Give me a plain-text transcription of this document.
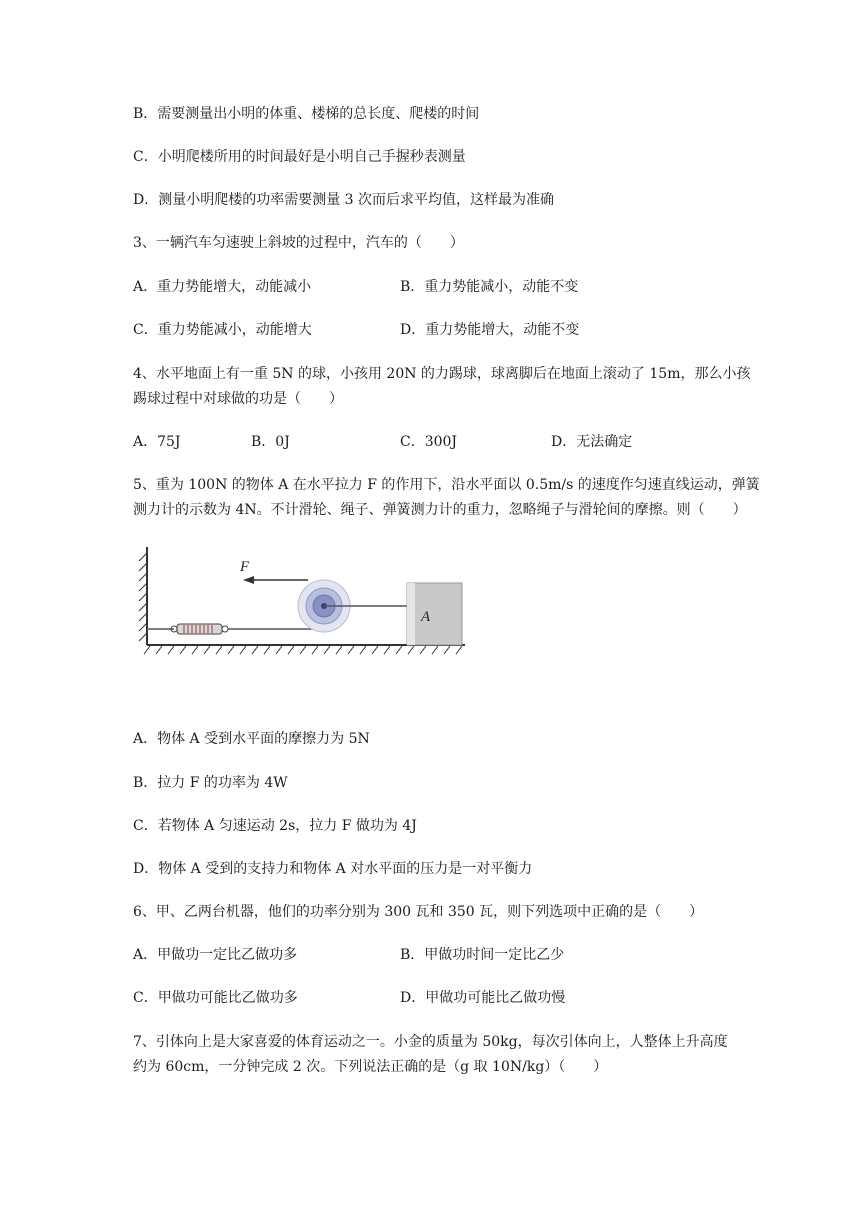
B．需要测量出小明的体重、楼梯的总长度、爬楼的时间
C．小明爬楼所用的时间最好是小明自己手握秒表测量
D．测量小明爬楼的功率需要测量 3 次而后求平均值，这样最为准确
3、一辆汽车匀速驶上斜坡的过程中，汽车的（　　）
A．重力势能增大，动能减小	B．重力势能减小，动能不变
C．重力势能减小，动能增大	D．重力势能增大，动能不变
4、水平地面上有一重 5N 的球，小孩用 20N 的力踢球，球离脚后在地面上滚动了 15m，那么小孩
踢球过程中对球做的功是（　　）
A．75J	B．0J	C．300J	D．无法确定
5、重为 100N 的物体 A 在水平拉力 F 的作用下，沿水平面以 0.5m/s 的速度作匀速直线运动，弹簧
测力计的示数为 4N。不计滑轮、绳子、弹簧测力计的重力，忽略绳子与滑轮间的摩擦。则（　　）
F
A
A．物体 A 受到水平面的摩擦力为 5N
B．拉力 F 的功率为 4W
C．若物体 A 匀速运动 2s，拉力 F 做功为 4J
D．物体 A 受到的支持力和物体 A 对水平面的压力是一对平衡力
6、甲、乙两台机器，他们的功率分别为 300 瓦和 350 瓦，则下列选项中正确的是（　　）
A．甲做功一定比乙做功多	B．甲做功时间一定比乙少
C．甲做功可能比乙做功多	D．甲做功可能比乙做功慢
7、引体向上是大家喜爱的体育运动之一。小金的质量为 50kg，每次引体向上，人整体上升高度
约为 60cm，一分钟完成 2 次。下列说法正确的是（g 取 10N/kg）（　　）
